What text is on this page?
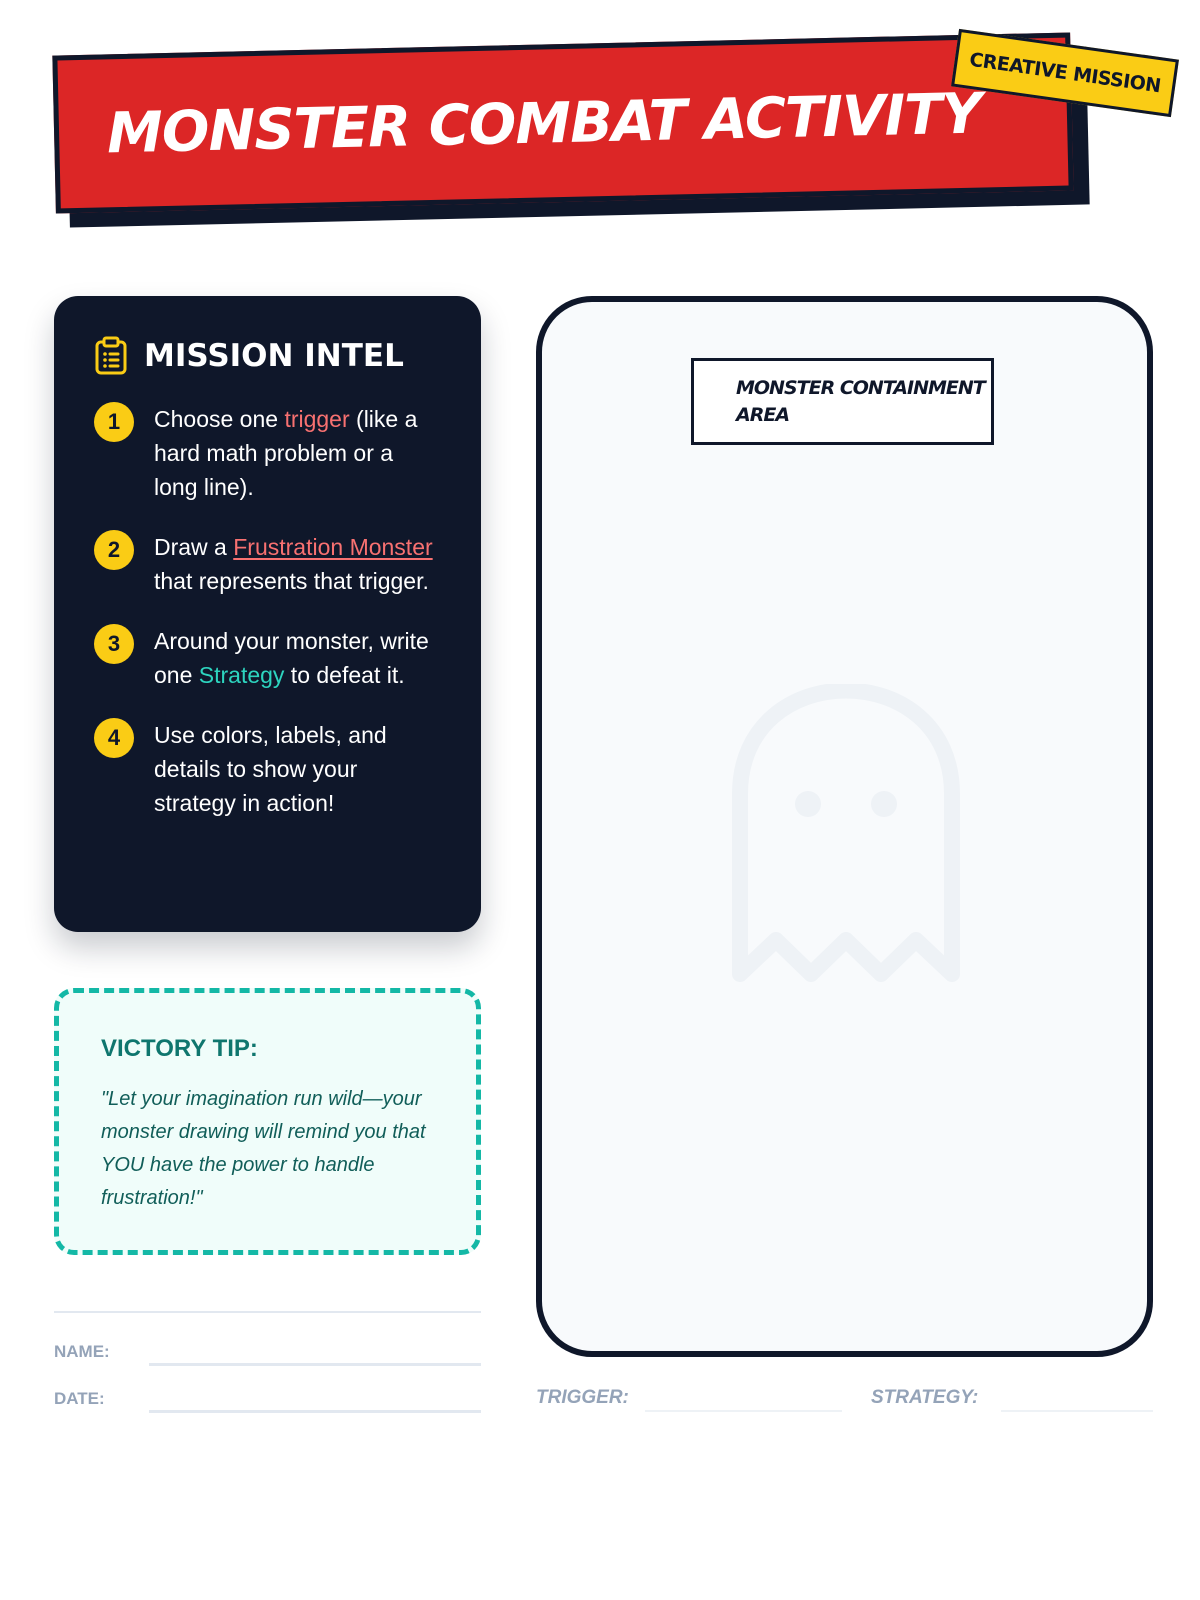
MONSTER COMBAT ACTIVITY
CREATIVE MISSION
MISSION INTEL
1	Choose one trigger (like a hard math problem or a long line).
2	Draw a Frustration Monster that represents that trigger.
3	Around your monster, write one Strategy to defeat it.
4	Use colors, labels, and details to show your strategy in action!
VICTORY TIP:
"Let your imagination run wild—your monster drawing will remind you that YOU have the power to handle frustration!"
NAME:
DATE:
MONSTER CONTAINMENT AREA
TRIGGER:	STRATEGY:
